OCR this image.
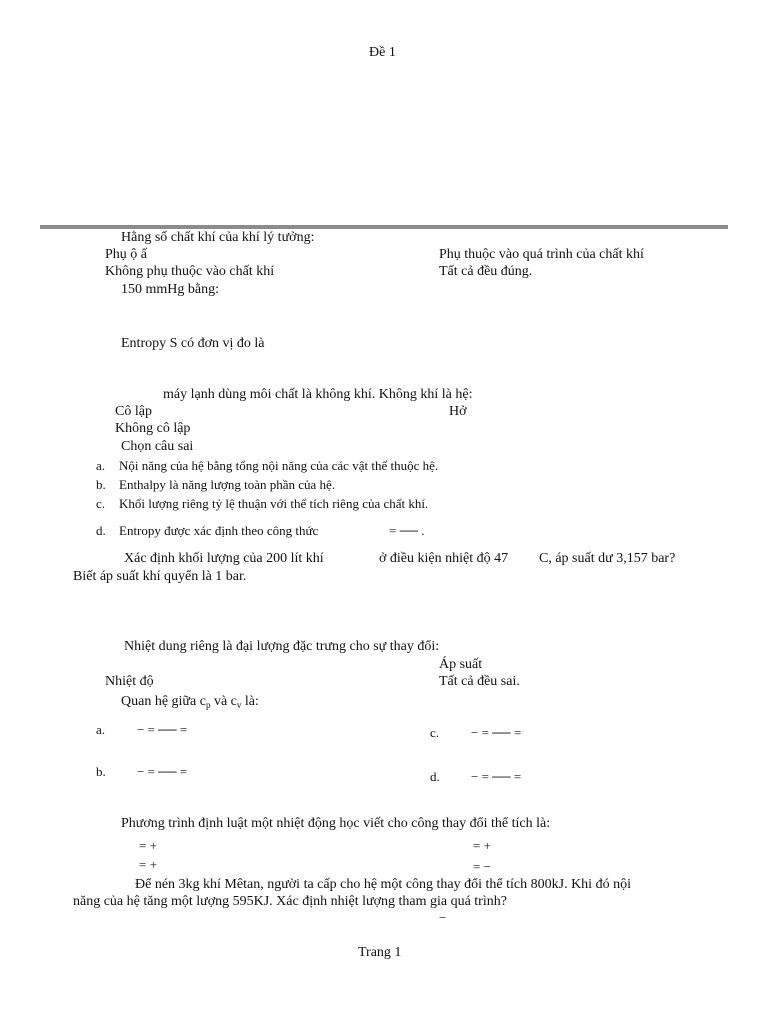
Đề 1
Hằng số chất khí của khí lý tưởng:
Phụ ộ ấ	Phụ thuộc vào quá trình của chất khí
Không phụ thuộc vào chất khí	Tất cả đều đúng.
150 mmHg bằng:
Entropy S có đơn vị đo là
máy lạnh dùng môi chất là không khí. Không khí là hệ:
Cô lập	Hở
Không cô lập
Chọn câu sai
a. Nội năng của hệ bằng tổng nội năng của các vật thể thuộc hệ.
b. Enthalpy là năng lượng toàn phần của hệ.
c. Khối lượng riêng tỷ lệ thuận với thể tích riêng của chất khí.
d. Entropy được xác định theo công thức	= ── .
Xác định khối lượng của 200 lít khí	ở điều kiện nhiệt độ 47 C, áp suất dư 3,157 bar?
Biết áp suất khí quyển là 1 bar.
Nhiệt dung riêng là đại lượng đặc trưng cho sự thay đổi:
Áp suất
Nhiệt độ	Tất cả đều sai.
Quan hệ giữa $c_p$ và $c_v$ là:
a. − = ── =	c. − = ── =
b. − = ── =	d. − = ── =
Phương trình định luật một nhiệt động học viết cho công thay đổi thể tích là:
= +	= +
= +	= −
Để nén 3kg khí Mêtan, người ta cấp cho hệ một công thay đổi thể tích 800kJ. Khi đó nội
năng của hệ tăng một lượng 595KJ. Xác định nhiệt lượng tham gia quá trình?
−
Trang 1
